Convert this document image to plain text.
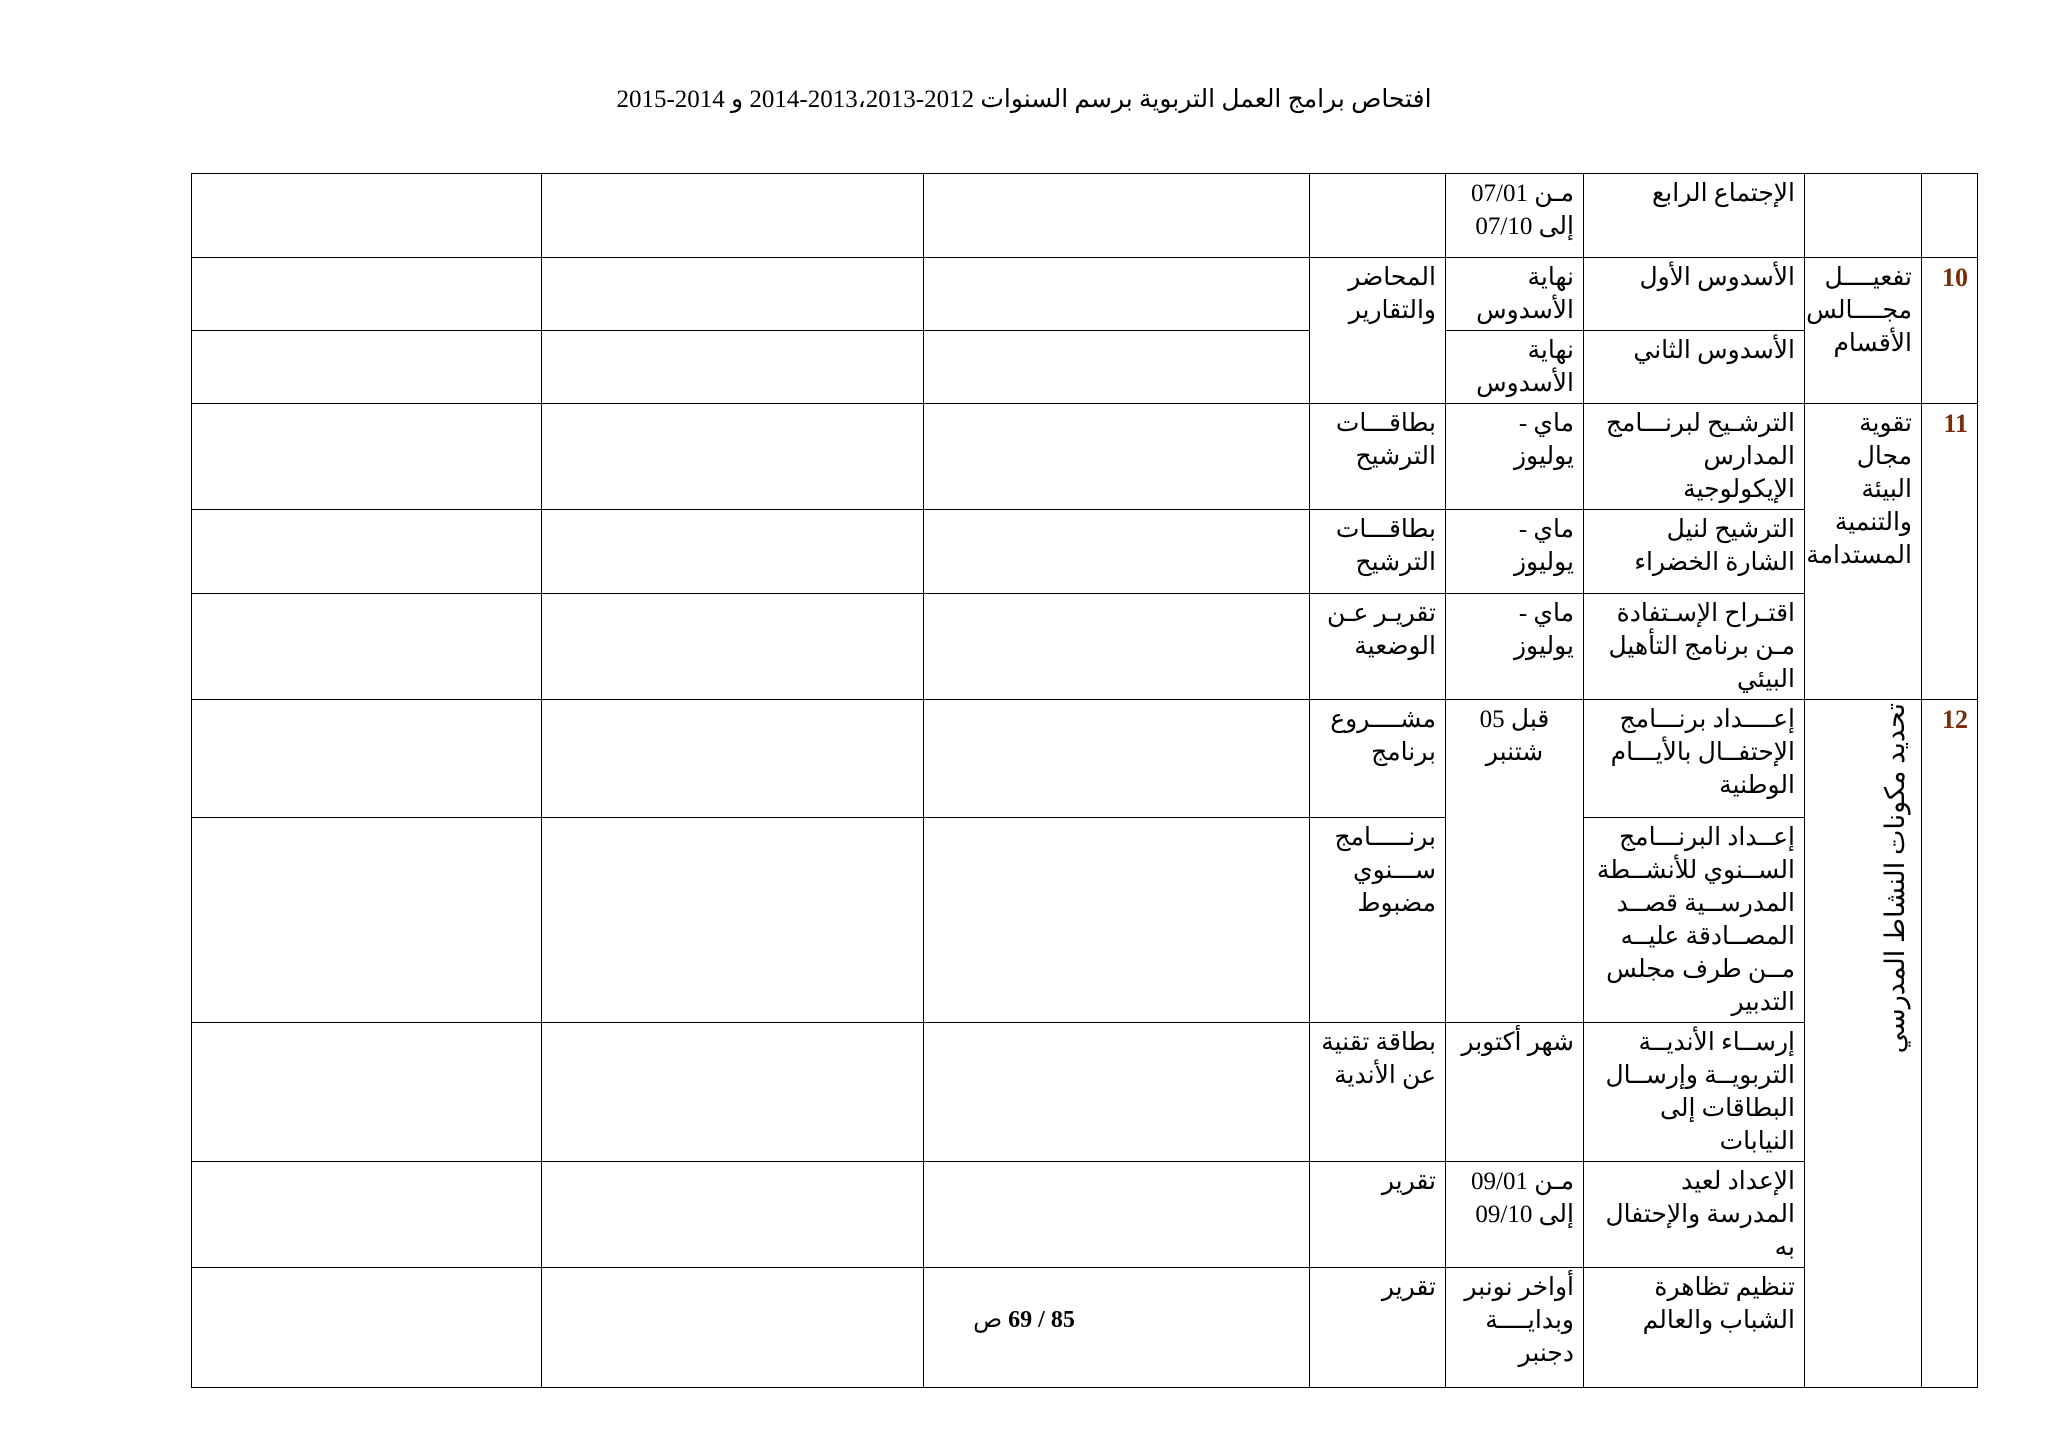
افتحاص برامج العمل التربوية برسم السنوات 2012-2013،2013-2014 و 2014-2015
		الإجتماع الرابع	مـن 07/01 إلى 07/10				
10	تفعيــــل مجــــالس الأقسام	الأسدوس الأول	نهاية الأسدوس	المحاضر والتقارير			
		الأسدوس الثاني	نهاية الأسدوس				
11	تقوية مجال البيئة والتنمية المستدامة	الترشـيح لبرنـــامج المدارس الإيكولوجية	ماي - يوليوز	بطاقـــات الترشيح			
		الترشيح لنيل الشارة الخضراء	ماي - يوليوز	بطاقـــات الترشيح			
		اقتـراح الإسـتفادة مـن برنامج التأهيل البيئي	ماي - يوليوز	تقريـر عـن الوضعية			
12	تحديد مكونات النشاط المدرسي	إعــــداد برنـــامج الإحتفــال بالأيـــام الوطنية	قبل 05 شتنبر	مشــــروع برنامج			
		إعــداد البرنـــامج الســنوي للأنشــطة المدرســية قصــد المصــادقة عليــه مــن طرف مجلس التدبير		برنـــــامج ســـنوي مضبوط			
		إرســاء الأنديــة التربويــة وإرســال البطاقات إلى النيابات	شهر أكتوبر	بطاقة تقنية عن الأندية			
		الإعداد لعيد المدرسة والإحتفال به	مـن 09/01 إلى 09/10	تقرير			
		تنظيم تظاهرة الشباب والعالم	أواخر نونبر وبدايــــة دجنبر	تقرير			
85 / 69 ص
